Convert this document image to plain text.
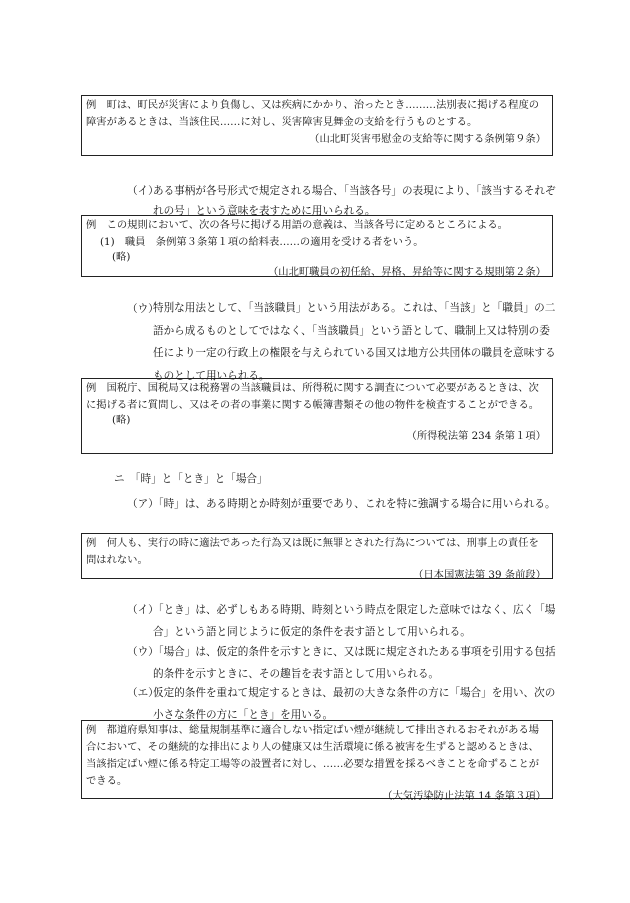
例　町は、町民が災害により負傷し、又は疾病にかかり、治ったとき………法別表に掲げる程度の障害があるときは、当該住民……に対し、災害障害見舞金の支給を行うものとする。

（山北町災害弔慰金の支給等に関する条例第９条）

（イ）
ある事柄が各号形式で規定される場合、「当該各号」の表現により、「該当するそれぞれの号」という意味を表すために用いられる。

例　この規則において、次の各号に掲げる用語の意義は、当該各号に定めるところによる。

(1)　職員　条例第３条第１項の給料表……の適用を受ける者をいう。

(略)

（山北町職員の初任給、昇格、昇給等に関する規則第２条）

（ウ）
特別な用法として、「当該職員」という用法がある。これは、「当該」と「職員」の二語から成るものとしてではなく、「当該職員」という語として、職制上又は特別の委任により一定の行政上の権限を与えられている国又は地方公共団体の職員を意味するものとして用いられる。

例　国税庁、国税局又は税務署の当該職員は、所得税に関する調査について必要があるときは、次に掲げる者に質問し、又はその者の事業に関する帳簿書類その他の物件を検査することができる。

(略)

（所得税法第 234 条第１項）

ニ　「時」と「とき」と「場合」

（ア）
「時」は、ある時期とか時刻が重要であり、これを特に強調する場合に用いられる。

例　何人も、実行の時に適法であった行為又は既に無罪とされた行為については、刑事上の責任を問はれない。

（日本国憲法第 39 条前段）

（イ）
「とき」は、必ずしもある時期、時刻という時点を限定した意味ではなく、広く「場合」という語と同じように仮定的条件を表す語として用いられる。

（ウ）
「場合」は、仮定的条件を示すときに、又は既に規定されたある事項を引用する包括的条件を示すときに、その趣旨を表す語として用いられる。

（エ）
仮定的条件を重ねて規定するときは、最初の大きな条件の方に「場合」を用い、次の小さな条件の方に「とき」を用いる。

例　都道府県知事は、総量規制基準に適合しない指定ばい煙が継続して排出されるおそれがある場合において、その継続的な排出により人の健康又は生活環境に係る被害を生ずると認めるときは、当該指定ばい煙に係る特定工場等の設置者に対し、……必要な措置を採るべきことを命ずることができる。

（大気汚染防止法第 14 条第３項）
